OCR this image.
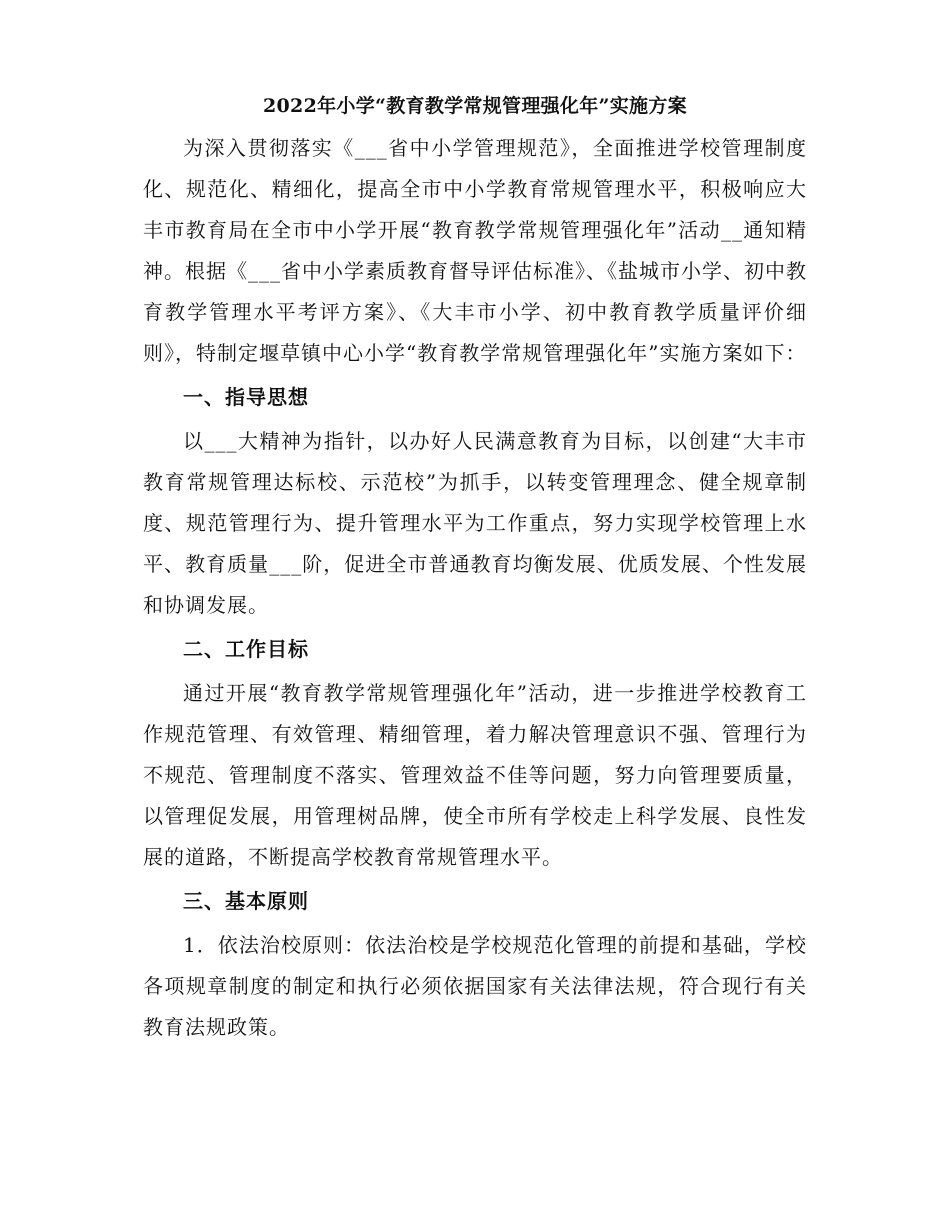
2022年小学“教育教学常规管理强化年”实施方案

为深入贯彻落实《___省中小学管理规范》，全面推进学校管理制度化、规范化、精细化，提高全市中小学教育常规管理水平，积极响应大丰市教育局在全市中小学开展“教育教学常规管理强化年”活动__通知精神。根据《___省中小学素质教育督导评估标准》、《盐城市小学、初中教育教学管理水平考评方案》、《大丰市小学、初中教育教学质量评价细则》，特制定堰草镇中心小学“教育教学常规管理强化年”实施方案如下：

一、指导思想

以___大精神为指针，以办好人民满意教育为目标，以创建“大丰市教育常规管理达标校、示范校”为抓手，以转变管理理念、健全规章制度、规范管理行为、提升管理水平为工作重点，努力实现学校管理上水平、教育质量___阶，促进全市普通教育均衡发展、优质发展、个性发展和协调发展。

二、工作目标

通过开展“教育教学常规管理强化年”活动，进一步推进学校教育工作规范管理、有效管理、精细管理，着力解决管理意识不强、管理行为不规范、管理制度不落实、管理效益不佳等问题，努力向管理要质量，以管理促发展，用管理树品牌，使全市所有学校走上科学发展、良性发展的道路，不断提高学校教育常规管理水平。

三、基本原则

1．依法治校原则：依法治校是学校规范化管理的前提和基础，学校各项规章制度的制定和执行必须依据国家有关法律法规，符合现行有关教育法规政策。
